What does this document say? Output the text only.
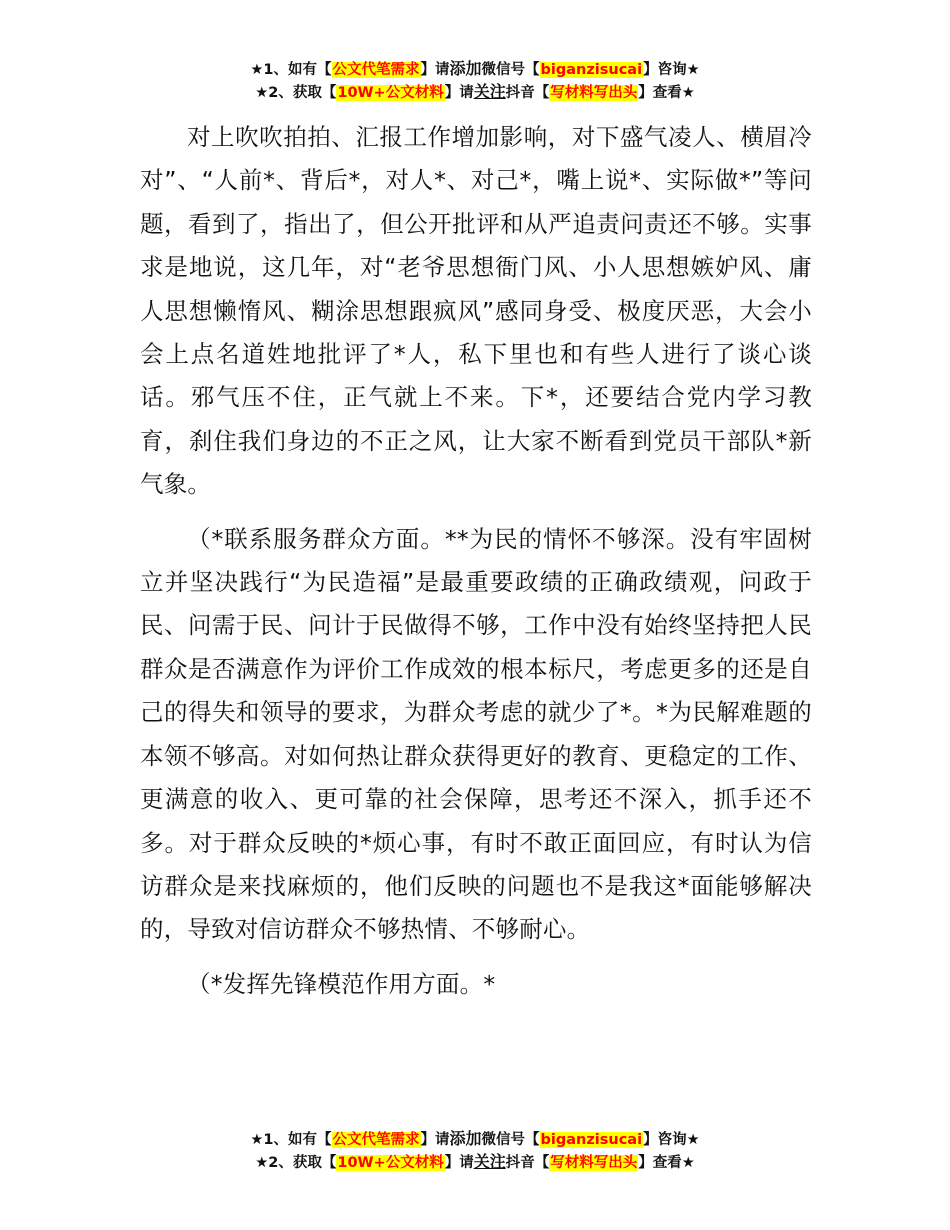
★1、如有【公文代笔需求】请添加微信号【biganzisucai】咨询★
★2、获取【10W+公文材料】请关注抖音【写材料写出头】查看★

对上吹吹拍拍、汇报工作增加影响，对下盛气凌人、横眉冷对”、“人前*、背后*，对人*、对己*，嘴上说*、实际做*”等问题，看到了，指出了，但公开批评和从严追责问责还不够。实事求是地说，这几年，对“老爷思想衙门风、小人思想嫉妒风、庸人思想懒惰风、糊涂思想跟疯风”感同身受、极度厌恶，大会小会上点名道姓地批评了*人，私下里也和有些人进行了谈心谈话。邪气压不住，正气就上不来。下*，还要结合党内学习教育，刹住我们身边的不正之风，让大家不断看到党员干部队*新气象。

（*联系服务群众方面。**为民的情怀不够深。没有牢固树立并坚决践行“为民造福”是最重要政绩的正确政绩观，问政于民、问需于民、问计于民做得不够，工作中没有始终坚持把人民群众是否满意作为评价工作成效的根本标尺，考虑更多的还是自己的得失和领导的要求，为群众考虑的就少了*。*为民解难题的本领不够高。对如何热让群众获得更好的教育、更稳定的工作、更满意的收入、更可靠的社会保障，思考还不深入，抓手还不多。对于群众反映的*烦心事，有时不敢正面回应，有时认为信访群众是来找麻烦的，他们反映的问题也不是我这*面能够解决的，导致对信访群众不够热情、不够耐心。

（*发挥先锋模范作用方面。*

★1、如有【公文代笔需求】请添加微信号【biganzisucai】咨询★
★2、获取【10W+公文材料】请关注抖音【写材料写出头】查看★
